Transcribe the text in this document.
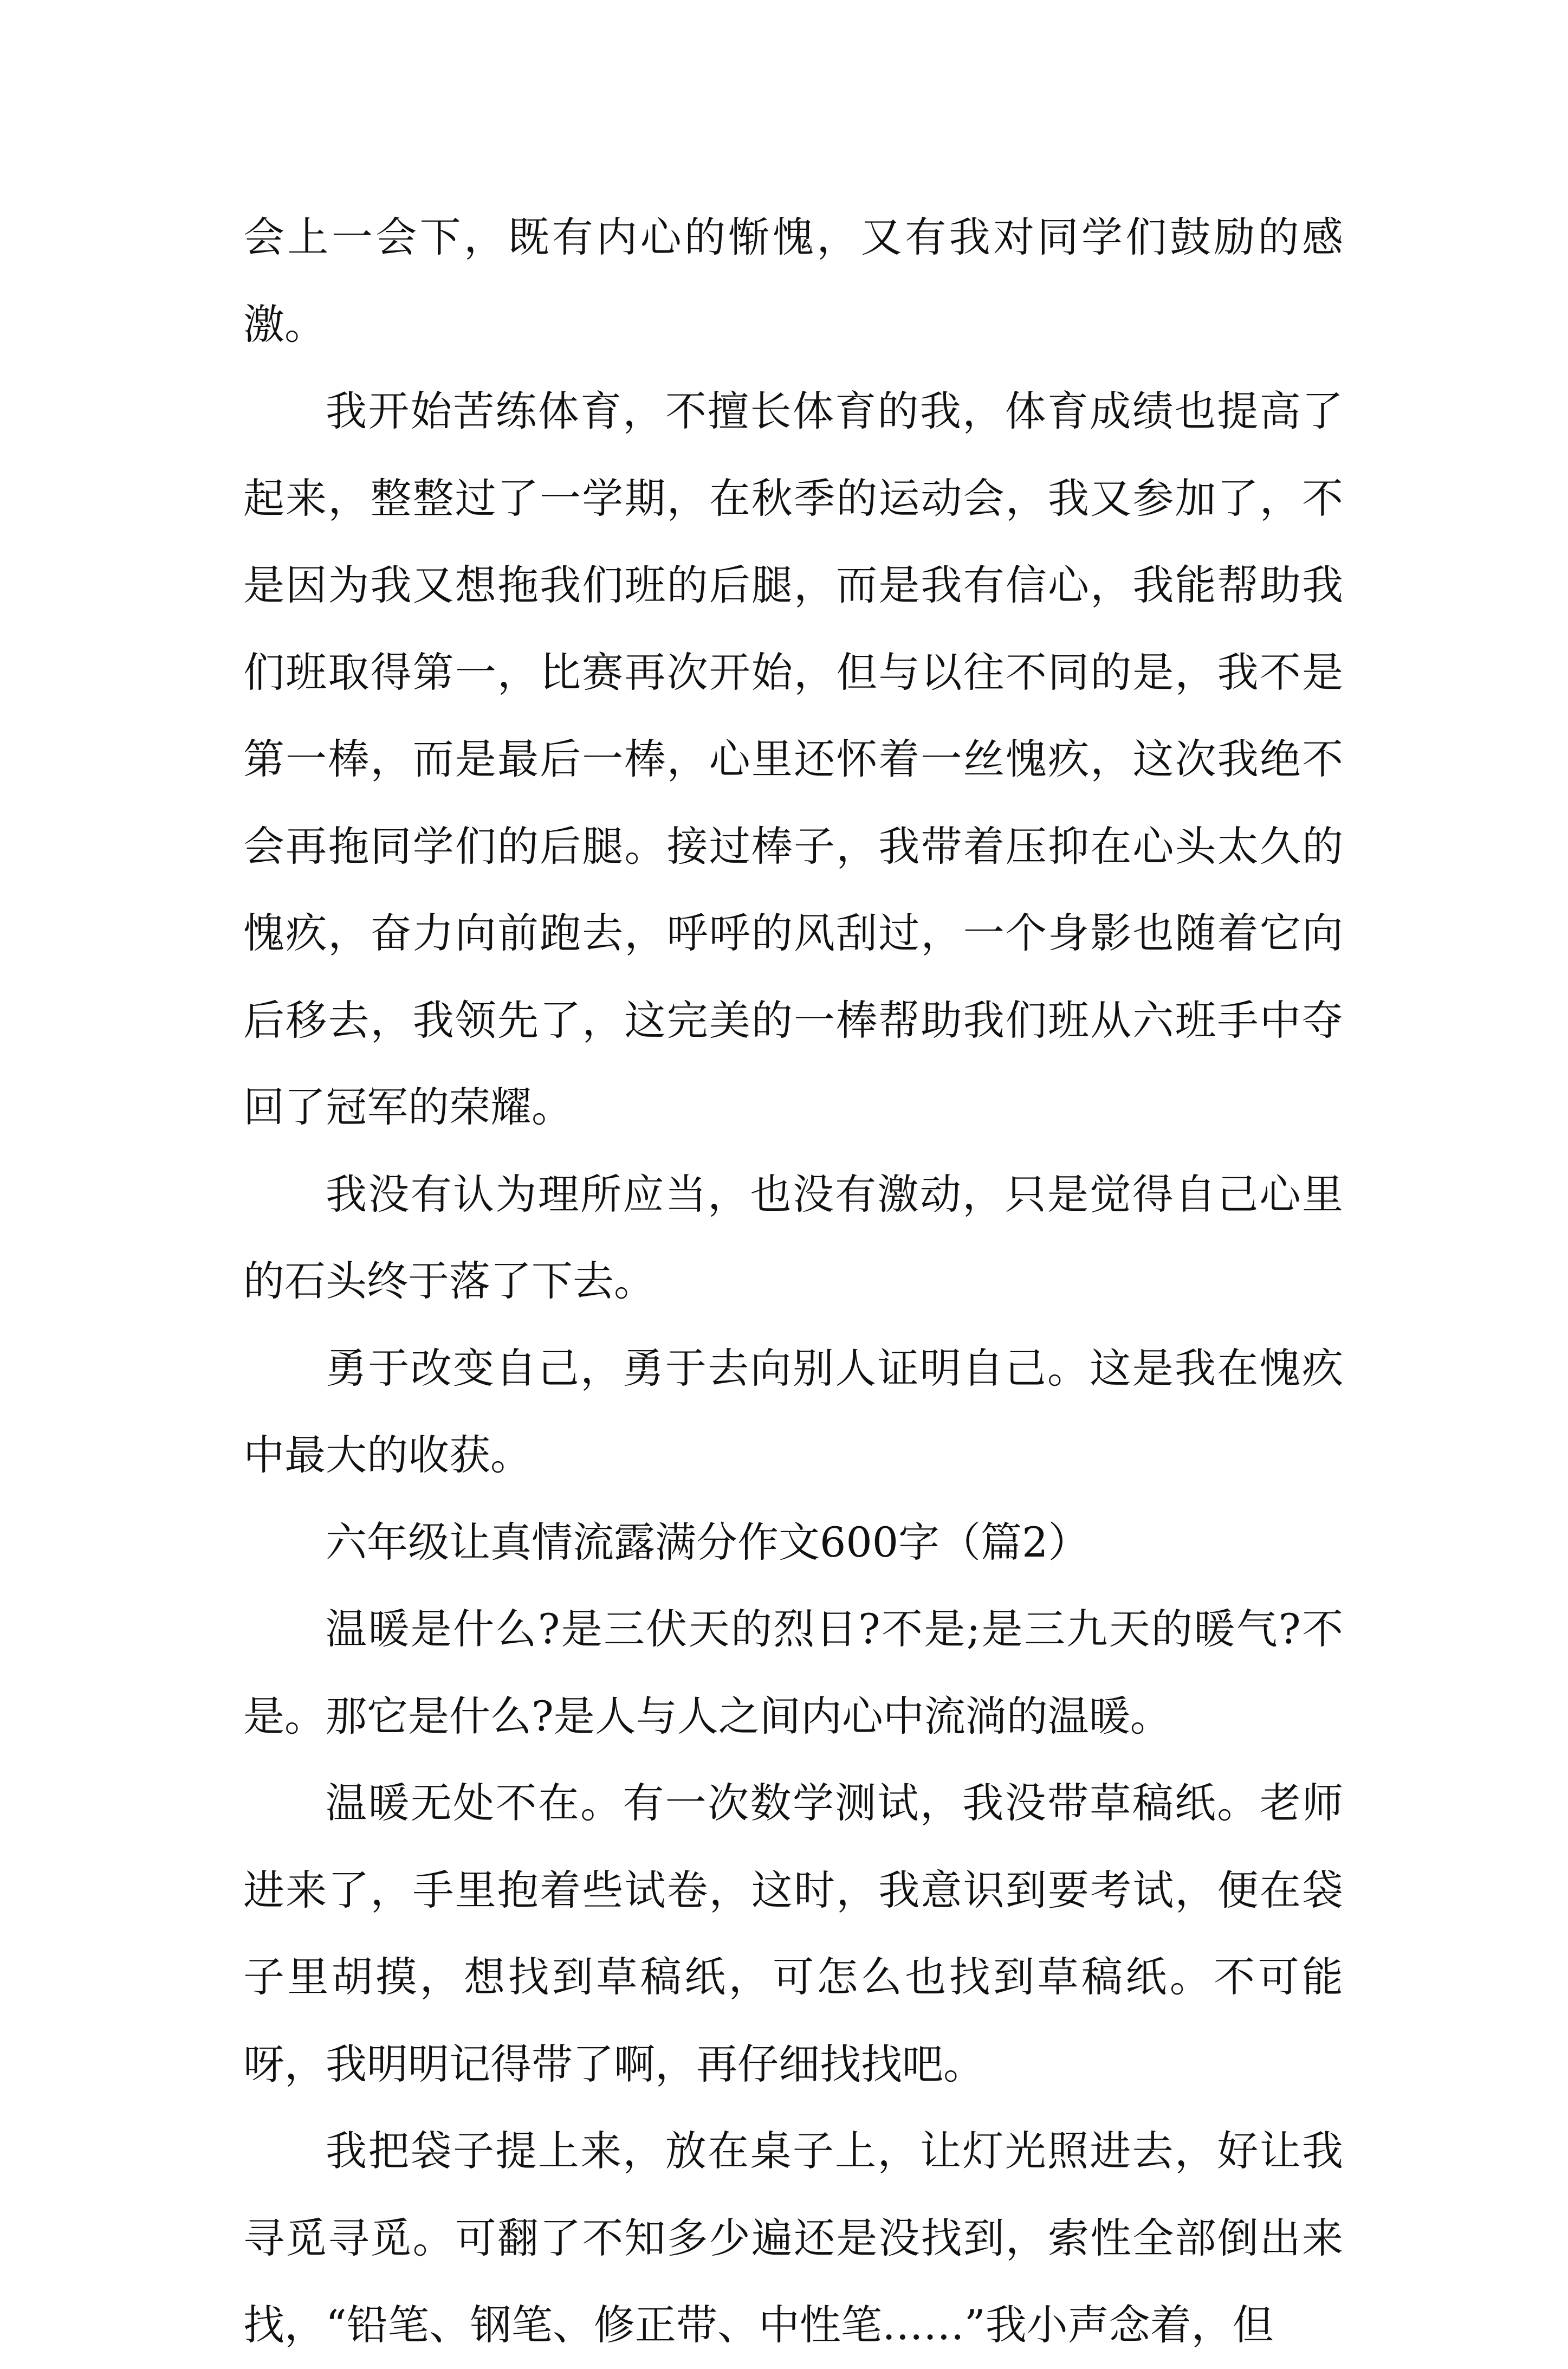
会上一会下，既有内心的惭愧，又有我对同学们鼓励的感激。

我开始苦练体育，不擅长体育的我，体育成绩也提高了起来，整整过了一学期，在秋季的运动会，我又参加了，不是因为我又想拖我们班的后腿，而是我有信心，我能帮助我们班取得第一，比赛再次开始，但与以往不同的是，我不是第一棒，而是最后一棒，心里还怀着一丝愧疚，这次我绝不会再拖同学们的后腿。接过棒子，我带着压抑在心头太久的愧疚，奋力向前跑去，呼呼的风刮过，一个身影也随着它向后移去，我领先了，这完美的一棒帮助我们班从六班手中夺回了冠军的荣耀。

我没有认为理所应当，也没有激动，只是觉得自己心里的石头终于落了下去。

勇于改变自己，勇于去向别人证明自己。这是我在愧疚中最大的收获。

六年级让真情流露满分作文600字（篇2）

温暖是什么?是三伏天的烈日?不是;是三九天的暖气?不是。那它是什么?是人与人之间内心中流淌的温暖。

温暖无处不在。有一次数学测试，我没带草稿纸。老师进来了，手里抱着些试卷，这时，我意识到要考试，便在袋子里胡摸，想找到草稿纸，可怎么也找到草稿纸。不可能呀，我明明记得带了啊，再仔细找找吧。

我把袋子提上来，放在桌子上，让灯光照进去，好让我寻觅寻觅。可翻了不知多少遍还是没找到，索性全部倒出来找，“铅笔、钢笔、修正带、中性笔……”我小声念着，但
